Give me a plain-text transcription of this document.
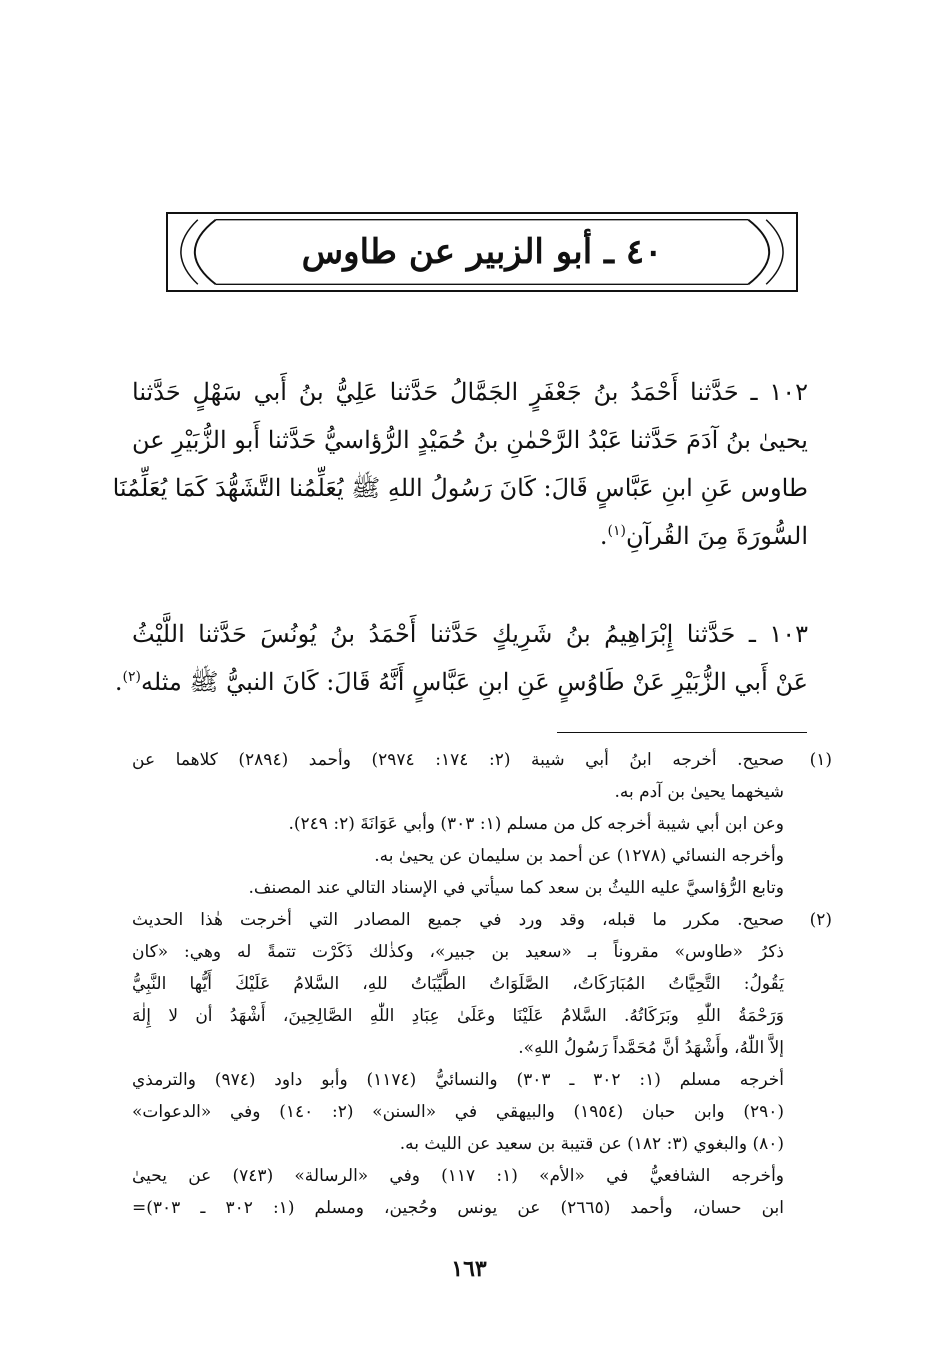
٤٠ ـ أبو الزبير عن طاوس
١٠٢ ـ حَدَّثنا أَحْمَدُ بنُ جَعْفَرٍ الجَمَّالُ حَدَّثنا عَلِيُّ بنُ أَبي سَهْلٍ حَدَّثنا
يحيىٰ بنُ آدَمَ حَدَّثنا عَبْدُ الرَّحْمٰنِ بنُ حُمَيْدٍ الرُّؤاسيُّ حَدَّثنا أَبو الزُّبَيْرِ عن
طاوس عَنِ ابنِ عَبَّاسٍ قَالَ: كَانَ رَسُولُ اللهِ ﷺ يُعَلِّمُنا التَّشَهُّدَ كَمَا يُعَلِّمُنَا
السُّورَةَ مِنَ القُرآنِ$^{(١)}$.
١٠٣ ـ حَدَّثنا إِبْرَاهِيمُ بنُ شَرِيكٍ حَدَّثنا أَحْمَدُ بنُ يُونُسَ حَدَّثنا اللَّيْثُ
عَنْ أَبي الزُّبَيْرِ عَنْ طَاوُسٍ عَنِ ابنِ عَبَّاسٍ أَنَّهُ قَالَ: كَانَ النبيُّ ﷺ مثله$^{(٢)}$.
(١)
صحيح. أخرجه ابنُ أبي شيبة (٢: ١٧٤: ٢٩٧٤) وأحمد (٢٨٩٤) كلاهما عن
شيخهما يحيىٰ بن آدم به.
وعن ابن أبي شيبة أخرجه كل من مسلم (١: ٣٠٣) وأبي عَوَانَةَ (٢: ٢٤٩).
وأخرجه النسائي (١٢٧٨) عن أحمد بن سليمان عن يحيىٰ به.
وتابع الرُّؤاسيَّ عليه الليثُ بن سعد كما سيأتي في الإسناد التالي عند المصنف.
(٢)
صحيح. مكرر ما قبله، وقد ورد في جميع المصادر التي أخرجت هٰذا الحديث
ذكرُ «طاوس» مقروناً بـ «سعيد بن جبير»، وكذٰلك ذَكَرْت تتمةً له وهي: «كان
يَقُولُ: التَّحِيَّاتُ المُبَارَكَاتُ، الصَّلَوَاتُ الطَّيِّبَاتُ للهِ، السَّلامُ عَلَيْكَ أَيُّها النَّبِيُّ
وَرَحْمَةُ اللّٰهِ وبَرَكَاتُهُ. السَّلامُ عَلَيْنَا وعَلَىٰ عِبَادِ اللّٰهِ الصَّالِحِينَ، أَشْهَدُ أن لا إِلٰهَ
إلاَّ اللّٰهُ، وأَشْهَدُ أنَّ مُحَمَّداً رَسُولُ اللهِ».
أخرجه مسلم (١: ٣٠٢ ـ ٣٠٣) والنسائيُّ (١١٧٤) وأبو داود (٩٧٤) والترمذي
(٢٩٠) وابن حبان (١٩٥٤) والبيهقي في «السنن» (٢: ١٤٠) وفي «الدعوات»
(٨٠) والبغوي (٣: ١٨٢) عن قتيبة بن سعيد عن الليث به.
وأخرجه الشافعيُّ في «الأم» (١: ١١٧) وفي «الرسالة» (٧٤٣) عن يحيىٰ
ابن حسان، وأحمد (٢٦٦٥) عن يونس وحُجين، ومسلم (١: ٣٠٢ ـ ٣٠٣)=
١٦٣
